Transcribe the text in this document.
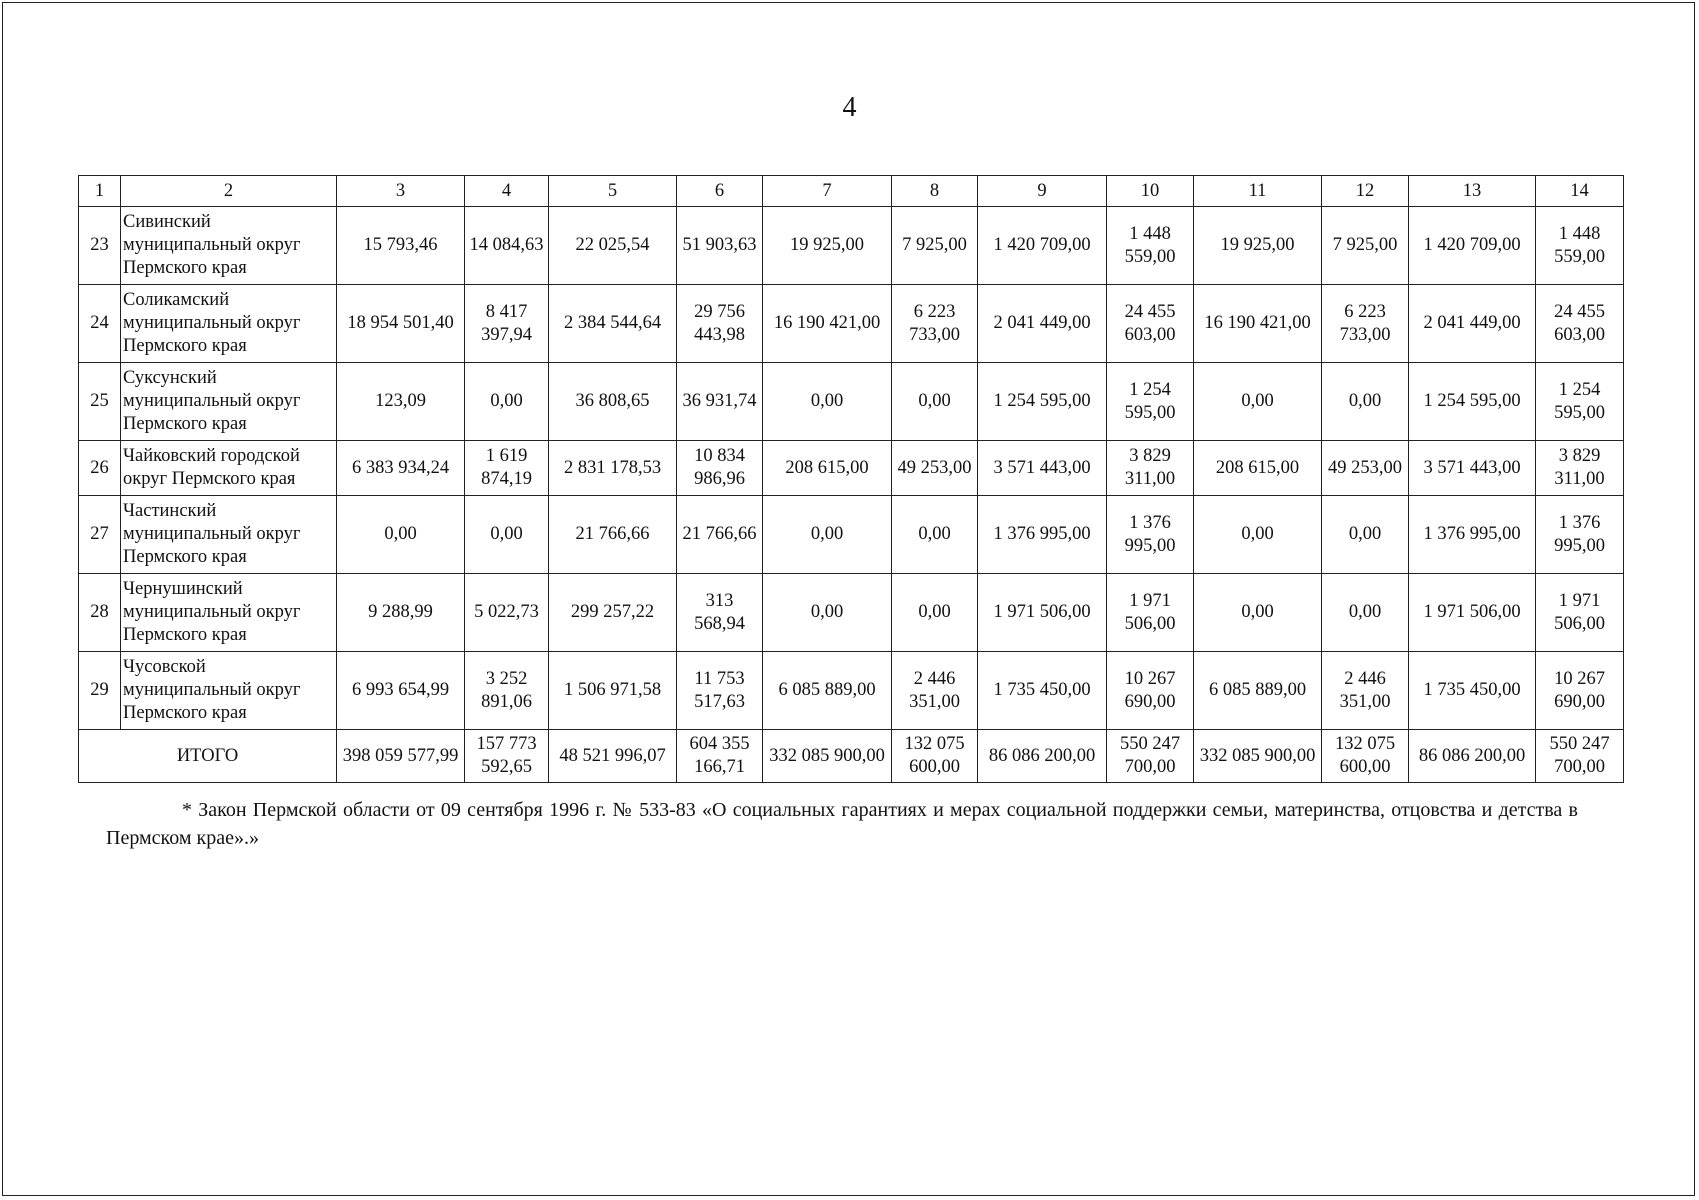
4
1	2	3	4	5	6	7	8	9	10	11	12	13	14
23	Сивинский муниципальный округ Пермского края	15 793,46	14 084,63	22 025,54	51 903,63	19 925,00	7 925,00	1 420 709,00	1 448 559,00	19 925,00	7 925,00	1 420 709,00	1 448 559,00
24	Соликамский муниципальный округ Пермского края	18 954 501,40	8 417 397,94	2 384 544,64	29 756 443,98	16 190 421,00	6 223 733,00	2 041 449,00	24 455 603,00	16 190 421,00	6 223 733,00	2 041 449,00	24 455 603,00
25	Суксунский муниципальный округ Пермского края	123,09	0,00	36 808,65	36 931,74	0,00	0,00	1 254 595,00	1 254 595,00	0,00	0,00	1 254 595,00	1 254 595,00
26	Чайковский городской округ Пермского края	6 383 934,24	1 619 874,19	2 831 178,53	10 834 986,96	208 615,00	49 253,00	3 571 443,00	3 829 311,00	208 615,00	49 253,00	3 571 443,00	3 829 311,00
27	Частинский муниципальный округ Пермского края	0,00	0,00	21 766,66	21 766,66	0,00	0,00	1 376 995,00	1 376 995,00	0,00	0,00	1 376 995,00	1 376 995,00
28	Чернушинский муниципальный округ Пермского края	9 288,99	5 022,73	299 257,22	313 568,94	0,00	0,00	1 971 506,00	1 971 506,00	0,00	0,00	1 971 506,00	1 971 506,00
29	Чусовской муниципальный округ Пермского края	6 993 654,99	3 252 891,06	1 506 971,58	11 753 517,63	6 085 889,00	2 446 351,00	1 735 450,00	10 267 690,00	6 085 889,00	2 446 351,00	1 735 450,00	10 267 690,00
ИТОГО		398 059 577,99	157 773 592,65	48 521 996,07	604 355 166,71	332 085 900,00	132 075 600,00	86 086 200,00	550 247 700,00	332 085 900,00	132 075 600,00	86 086 200,00	550 247 700,00
* Закон Пермской области от 09 сентября 1996 г. № 533-83 «О социальных гарантиях и мерах социальной поддержки семьи, материнства, отцовства и детства в Пермском крае».»
